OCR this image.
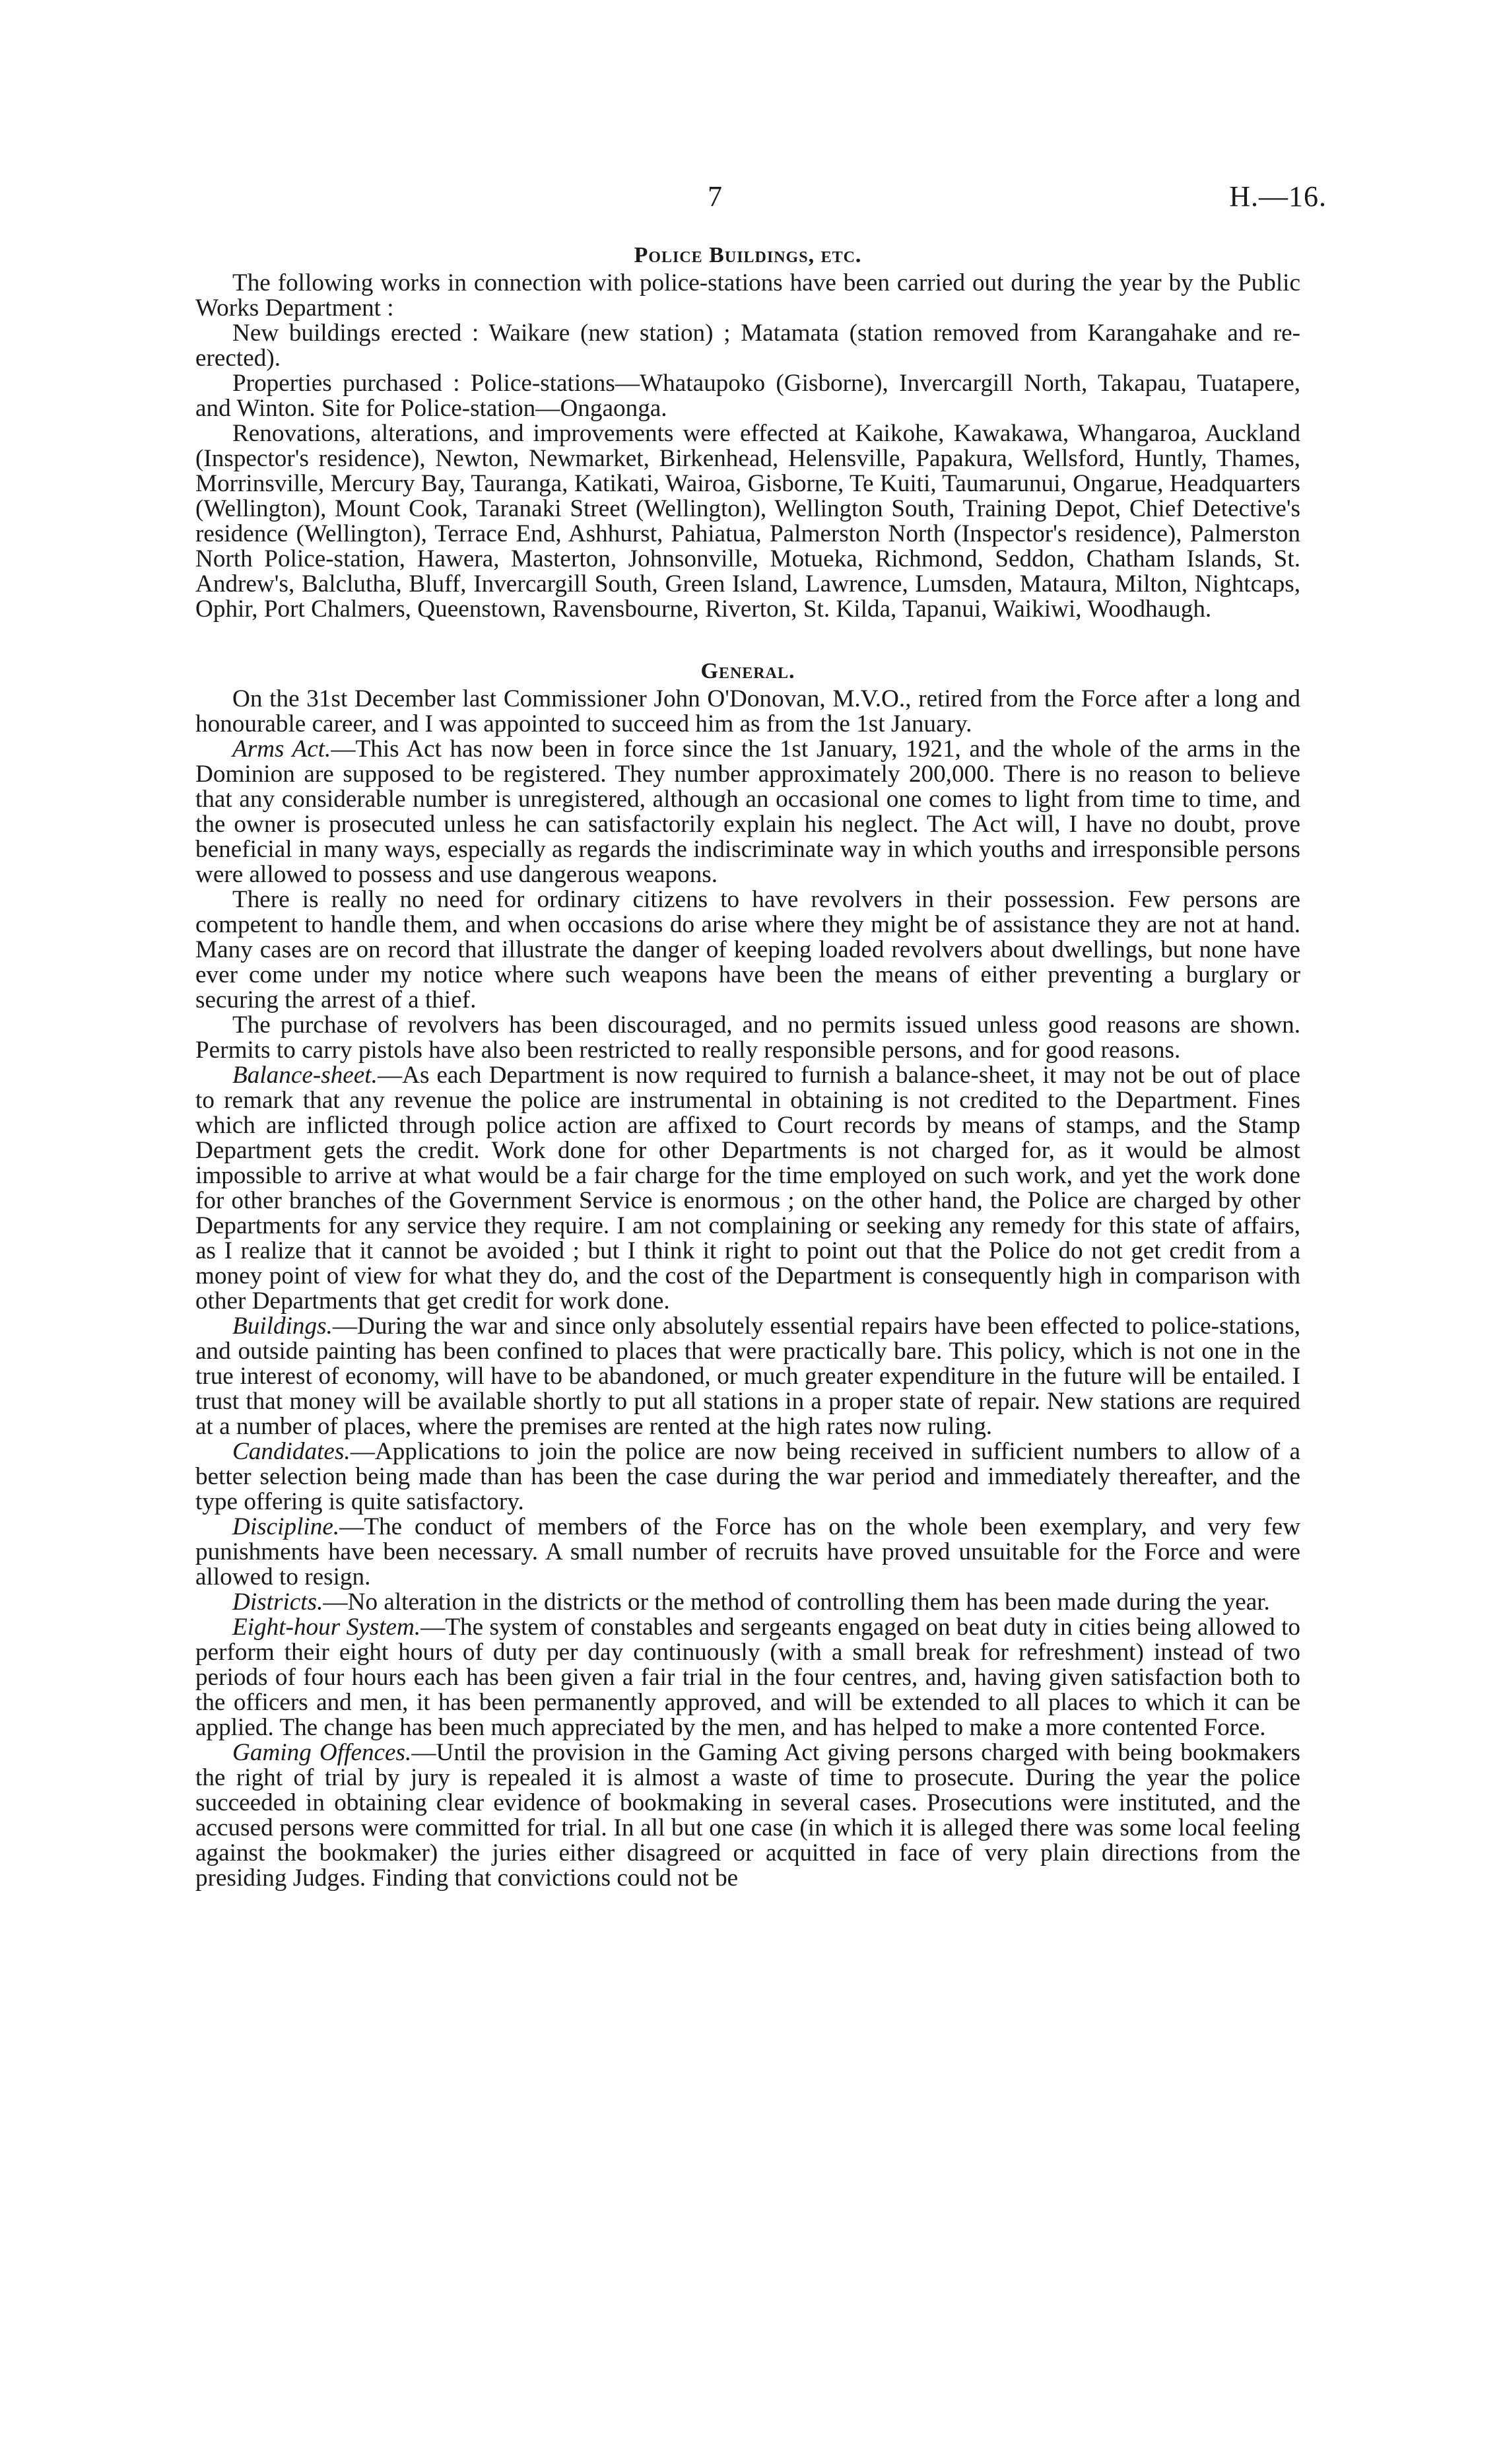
7	H.—16.
Police Buildings, etc.

The following works in connection with police-stations have been carried out during the year by the Public Works Department :

New buildings erected : Waikare (new station) ; Matamata (station removed from Karangahake and re-erected).

Properties purchased : Police-stations—Whataupoko (Gisborne), Invercargill North, Takapau, Tuatapere, and Winton. Site for Police-station—Ongaonga.

Renovations, alterations, and improvements were effected at Kaikohe, Kawakawa, Whangaroa, Auckland (Inspector's residence), Newton, Newmarket, Birkenhead, Helensville, Papakura, Wellsford, Huntly, Thames, Morrinsville, Mercury Bay, Tauranga, Katikati, Wairoa, Gisborne, Te Kuiti, Taumarunui, Ongarue, Headquarters (Wellington), Mount Cook, Taranaki Street (Wellington), Wellington South, Training Depot, Chief Detective's residence (Wellington), Terrace End, Ashhurst, Pahiatua, Palmerston North (Inspector's residence), Palmerston North Police-station, Hawera, Masterton, Johnsonville, Motueka, Richmond, Seddon, Chatham Islands, St. Andrew's, Balclutha, Bluff, Invercargill South, Green Island, Lawrence, Lumsden, Mataura, Milton, Nightcaps, Ophir, Port Chalmers, Queenstown, Ravensbourne, Riverton, St. Kilda, Tapanui, Waikiwi, Woodhaugh.

General.

On the 31st December last Commissioner John O'Donovan, M.V.O., retired from the Force after a long and honourable career, and I was appointed to succeed him as from the 1st January.

Arms Act.—This Act has now been in force since the 1st January, 1921, and the whole of the arms in the Dominion are supposed to be registered. They number approximately 200,000. There is no reason to believe that any considerable number is unregistered, although an occasional one comes to light from time to time, and the owner is prosecuted unless he can satisfactorily explain his neglect. The Act will, I have no doubt, prove beneficial in many ways, especially as regards the indiscriminate way in which youths and irresponsible persons were allowed to possess and use dangerous weapons.

There is really no need for ordinary citizens to have revolvers in their possession. Few persons are competent to handle them, and when occasions do arise where they might be of assistance they are not at hand. Many cases are on record that illustrate the danger of keeping loaded revolvers about dwellings, but none have ever come under my notice where such weapons have been the means of either preventing a burglary or securing the arrest of a thief.

The purchase of revolvers has been discouraged, and no permits issued unless good reasons are shown. Permits to carry pistols have also been restricted to really responsible persons, and for good reasons.

Balance-sheet.—As each Department is now required to furnish a balance-sheet, it may not be out of place to remark that any revenue the police are instrumental in obtaining is not credited to the Department. Fines which are inflicted through police action are affixed to Court records by means of stamps, and the Stamp Department gets the credit. Work done for other Departments is not charged for, as it would be almost impossible to arrive at what would be a fair charge for the time employed on such work, and yet the work done for other branches of the Government Service is enormous ; on the other hand, the Police are charged by other Departments for any service they require. I am not complaining or seeking any remedy for this state of affairs, as I realize that it cannot be avoided ; but I think it right to point out that the Police do not get credit from a money point of view for what they do, and the cost of the Department is consequently high in comparison with other Departments that get credit for work done.

Buildings.—During the war and since only absolutely essential repairs have been effected to police-stations, and outside painting has been confined to places that were practically bare. This policy, which is not one in the true interest of economy, will have to be abandoned, or much greater expenditure in the future will be entailed. I trust that money will be available shortly to put all stations in a proper state of repair. New stations are required at a number of places, where the premises are rented at the high rates now ruling.

Candidates.—Applications to join the police are now being received in sufficient numbers to allow of a better selection being made than has been the case during the war period and immediately thereafter, and the type offering is quite satisfactory.

Discipline.—The conduct of members of the Force has on the whole been exemplary, and very few punishments have been necessary. A small number of recruits have proved unsuitable for the Force and were allowed to resign.

Districts.—No alteration in the districts or the method of controlling them has been made during the year.

Eight-hour System.—The system of constables and sergeants engaged on beat duty in cities being allowed to perform their eight hours of duty per day continuously (with a small break for refreshment) instead of two periods of four hours each has been given a fair trial in the four centres, and, having given satisfaction both to the officers and men, it has been permanently approved, and will be extended to all places to which it can be applied. The change has been much appreciated by the men, and has helped to make a more contented Force.

Gaming Offences.—Until the provision in the Gaming Act giving persons charged with being bookmakers the right of trial by jury is repealed it is almost a waste of time to prosecute. During the year the police succeeded in obtaining clear evidence of bookmaking in several cases. Prosecutions were instituted, and the accused persons were committed for trial. In all but one case (in which it is alleged there was some local feeling against the bookmaker) the juries either disagreed or acquitted in face of very plain directions from the presiding Judges. Finding that convictions could not be
